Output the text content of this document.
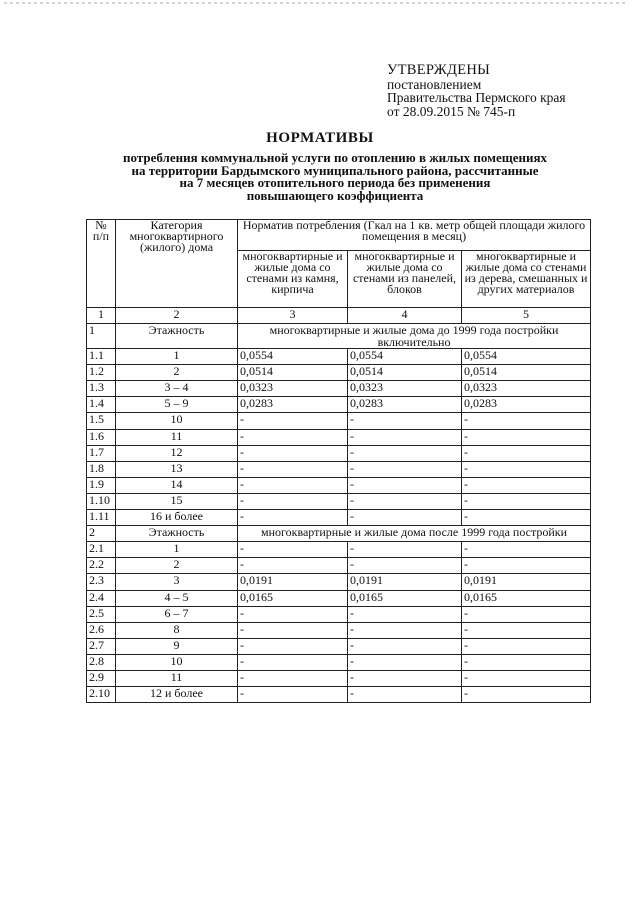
УТВЕРЖДЕНЫ
постановлением
Правительства Пермского края
от 28.09.2015 № 745-п
НОРМАТИВЫ
потребления коммунальной услуги по отоплению в жилых помещениях
на территории Бардымского муниципального района, рассчитанные
на 7 месяцев отопительного периода без применения
повышающего коэффициента
№ п/п	Категория многоквартирного (жилого) дома	Норматив потребления (Гкал на 1 кв. метр общей площади жилого помещения в месяц)		
		многоквартирные и жилые дома со стенами из камня, кирпича	многоквартирные и жилые дома со стенами из панелей, блоков	многоквартирные и жилые дома со стенами из дерева, смешанных и других материалов
1	2	3	4	5
1	Этажность	многоквартирные и жилые дома до 1999 года постройки включительно		
1.1	1	0,0554	0,0554	0,0554
1.2	2	0,0514	0,0514	0,0514
1.3	3 – 4	0,0323	0,0323	0,0323
1.4	5 – 9	0,0283	0,0283	0,0283
1.5	10	-	-	-
1.6	11	-	-	-
1.7	12	-	-	-
1.8	13	-	-	-
1.9	14	-	-	-
1.10	15	-	-	-
1.11	16 и более	-	-	-
2	Этажность	многоквартирные и жилые дома после 1999 года постройки		
2.1	1	-	-	-
2.2	2	-	-	-
2.3	3	0,0191	0,0191	0,0191
2.4	4 – 5	0,0165	0,0165	0,0165
2.5	6 – 7	-	-	-
2.6	8	-	-	-
2.7	9	-	-	-
2.8	10	-	-	-
2.9	11	-	-	-
2.10	12 и более	-	-	-
